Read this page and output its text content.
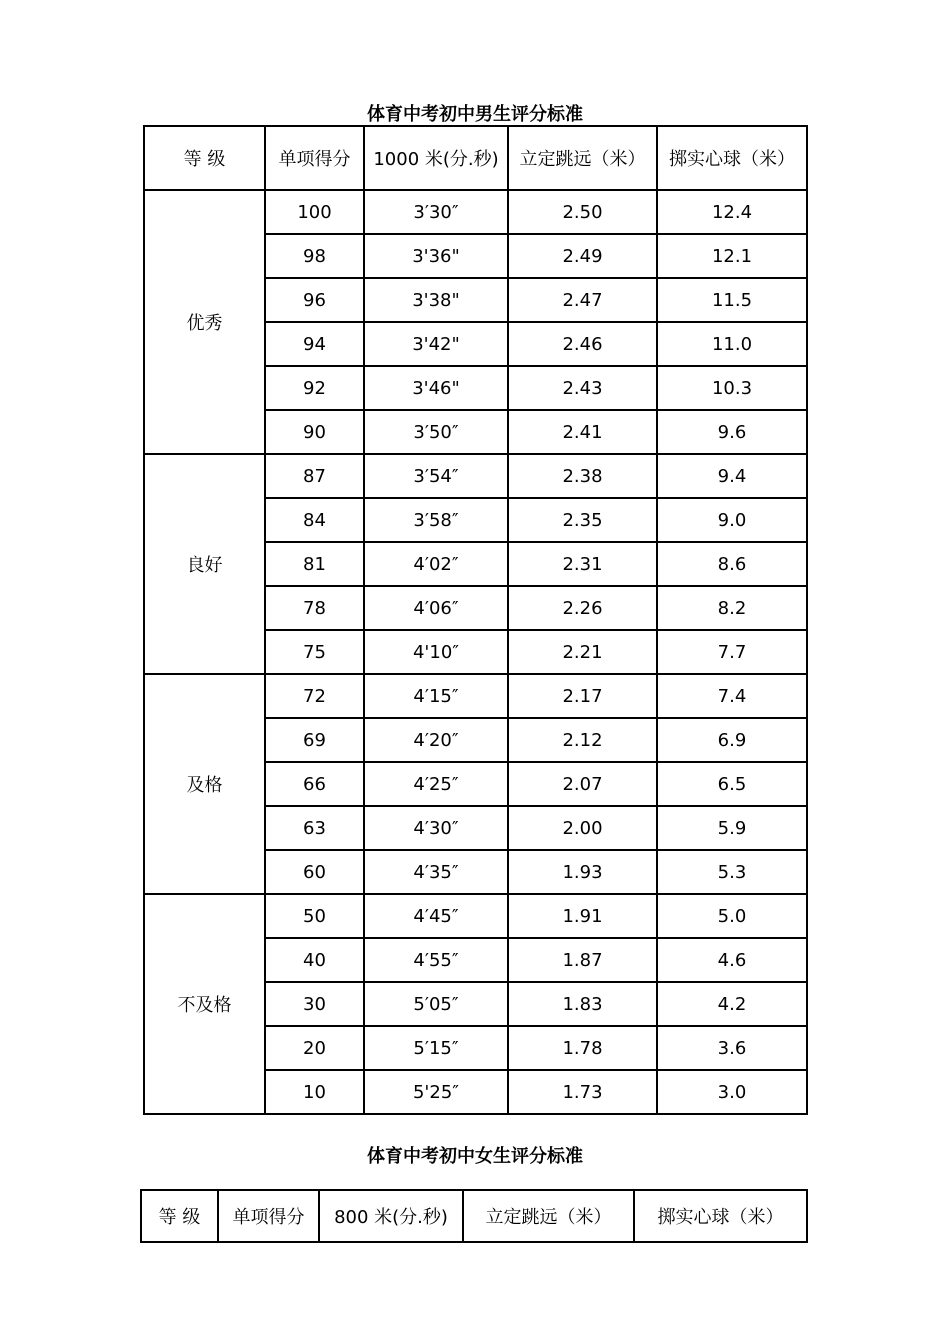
体育中考初中男生评分标准
等 级	单项得分	1000 米(分.秒)	立定跳远（米）	掷实心球（米）
优秀	100	3′30″	2.50	12.4
	98	3'36"	2.49	12.1
	96	3'38"	2.47	11.5
	94	3'42"	2.46	11.0
	92	3'46"	2.43	10.3
	90	3′50″	2.41	9.6
良好	87	3′54″	2.38	9.4
	84	3′58″	2.35	9.0
	81	4′02″	2.31	8.6
	78	4′06″	2.26	8.2
	75	4'10″	2.21	7.7
及格	72	4′15″	2.17	7.4
	69	4′20″	2.12	6.9
	66	4′25″	2.07	6.5
	63	4′30″	2.00	5.9
	60	4′35″	1.93	5.3
不及格	50	4′45″	1.91	5.0
	40	4′55″	1.87	4.6
	30	5′05″	1.83	4.2
	20	5′15″	1.78	3.6
	10	5'25″	1.73	3.0
体育中考初中女生评分标准
等 级	单项得分	800 米(分.秒)	立定跳远（米）	掷实心球（米）
